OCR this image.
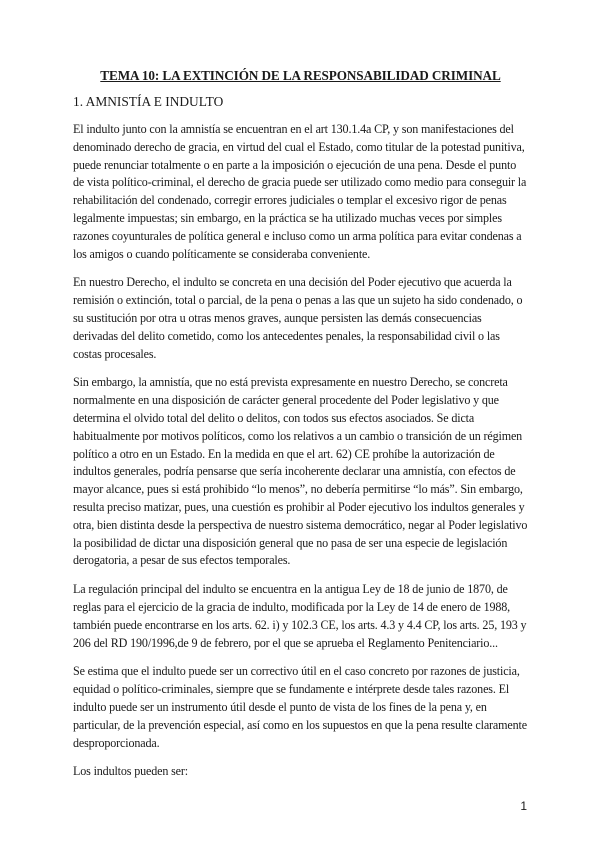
TEMA 10: LA EXTINCIÓN DE LA RESPONSABILIDAD CRIMINAL
1. AMNISTÍA E INDULTO

El indulto junto con la amnistía se encuentran en el art 130.1.4a CP, y son manifestaciones del denominado derecho de gracia, en virtud del cual el Estado, como titular de la potestad punitiva, puede renunciar totalmente o en parte a la imposición o ejecución de una pena. Desde el punto de vista político-criminal, el derecho de gracia puede ser utilizado como medio para conseguir la rehabilitación del condenado, corregir errores judiciales o templar el excesivo rigor de penas legalmente impuestas; sin embargo, en la práctica se ha utilizado muchas veces por simples razones coyunturales de política general e incluso como un arma política para evitar condenas a los amigos o cuando políticamente se consideraba conveniente.

En nuestro Derecho, el indulto se concreta en una decisión del Poder ejecutivo que acuerda la remisión o extinción, total o parcial, de la pena o penas a las que un sujeto ha sido condenado, o su sustitución por otra u otras menos graves, aunque persisten las demás consecuencias derivadas del delito cometido, como los antecedentes penales, la responsabilidad civil o las costas procesales.

Sin embargo, la amnistía, que no está prevista expresamente en nuestro Derecho, se concreta normalmente en una disposición de carácter general procedente del Poder legislativo y que determina el olvido total del delito o delitos, con todos sus efectos asociados. Se dicta habitualmente por motivos políticos, como los relativos a un cambio o transición de un régimen político a otro en un Estado. En la medida en que el art. 62) CE prohíbe la autorización de indultos generales, podría pensarse que sería incoherente declarar una amnistía, con efectos de mayor alcance, pues si está prohibido “lo menos”, no debería permitirse “lo más”. Sin embargo, resulta preciso matizar, pues, una cuestión es prohibir al Poder ejecutivo los indultos generales y otra, bien distinta desde la perspectiva de nuestro sistema democrático, negar al Poder legislativo la posibilidad de dictar una disposición general que no pasa de ser una especie de legislación derogatoria, a pesar de sus efectos temporales.

La regulación principal del indulto se encuentra en la antigua Ley de 18 de junio de 1870, de reglas para el ejercicio de la gracia de indulto, modificada por la Ley de 14 de enero de 1988, también puede encontrarse en los arts. 62. i) y 102.3 CE, los arts. 4.3 y 4.4 CP, los arts. 25, 193 y 206 del RD 190/1996,de 9 de febrero, por el que se aprueba el Reglamento Penitenciario...

Se estima que el indulto puede ser un correctivo útil en el caso concreto por razones de justicia, equidad o político-criminales, siempre que se fundamente e intérprete desde tales razones. El indulto puede ser un instrumento útil desde el punto de vista de los fines de la pena y, en particular, de la prevención especial, así como en los supuestos en que la pena resulte claramente desproporcionada.

Los indultos pueden ser:

1
